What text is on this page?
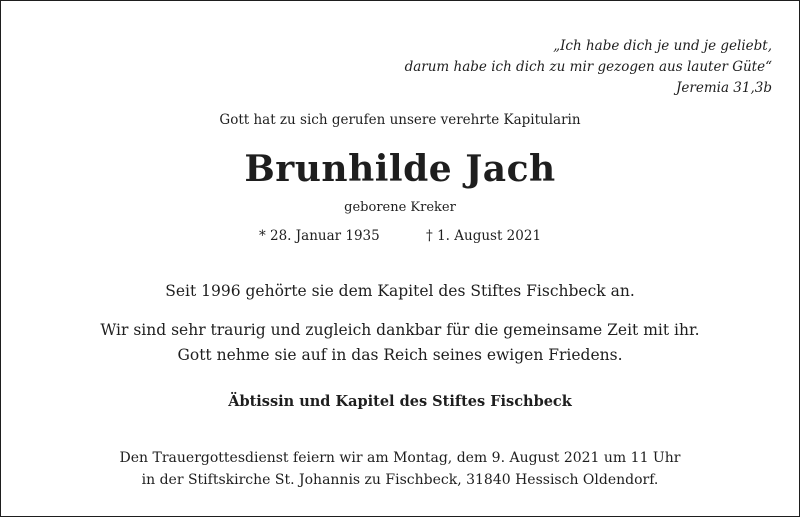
„Ich habe dich je und je geliebt,
darum habe ich dich zu mir gezogen aus lauter Güte“
Jeremia 31,3b
Gott hat zu sich gerufen unsere verehrte Kapitularin
Brunhilde Jach
geborene Kreker
* 28. Januar 1935	† 1. August 2021
Seit 1996 gehörte sie dem Kapitel des Stiftes Fischbeck an.
Wir sind sehr traurig und zugleich dankbar für die gemeinsame Zeit mit ihr.
Gott nehme sie auf in das Reich seines ewigen Friedens.
Äbtissin und Kapitel des Stiftes Fischbeck
Den Trauergottesdienst feiern wir am Montag, dem 9. August 2021 um 11 Uhr
in der Stiftskirche St. Johannis zu Fischbeck, 31840 Hessisch Oldendorf.
